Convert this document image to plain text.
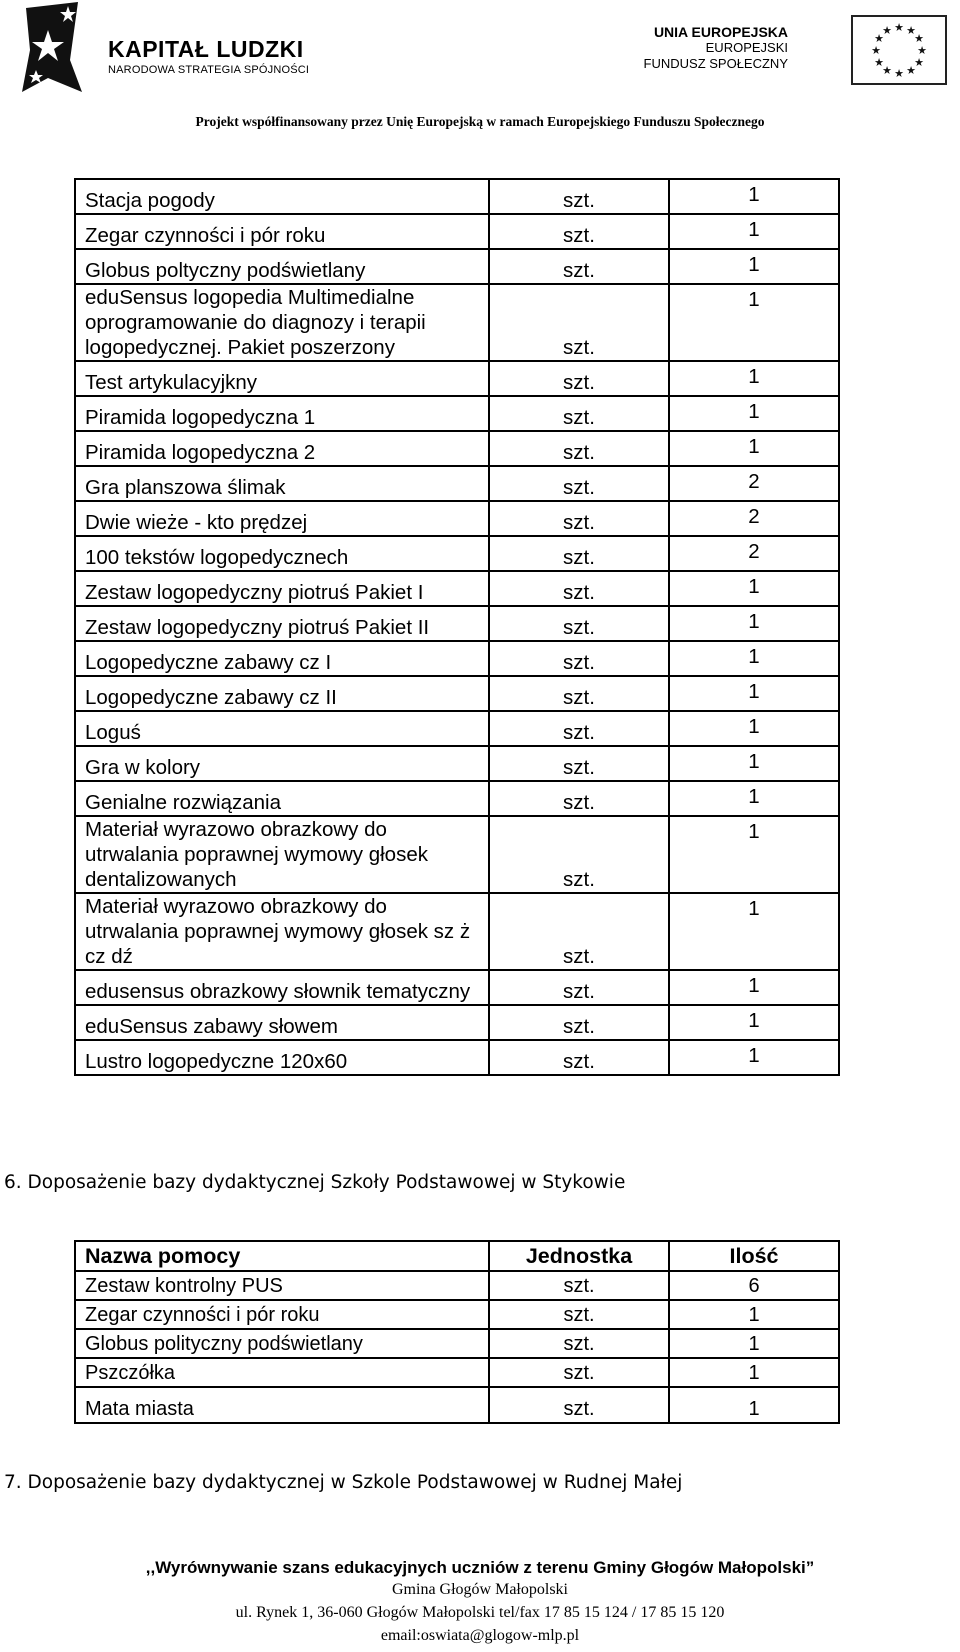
KAPITAŁ LUDZKI
NARODOWA STRATEGIA SPÓJNOŚCI
UNIA EUROPEJSKA
EUROPEJSKI
FUNDUSZ SPOŁECZNY
★ ★
★
★
★
★
★
★
★
★
★
★
Projekt współfinansowany przez Unię Europejską w ramach Europejskiego Funduszu Społecznego
Stacja pogody	szt.	1
Zegar czynności i pór roku	szt.	1
Globus poltyczny podświetlany	szt.	1
eduSensus logopedia Multimedialne oprogramowanie do diagnozy i terapii logopedycznej. Pakiet poszerzony	szt.	1
Test artykulacyjkny	szt.	1
Piramida logopedyczna 1	szt.	1
Piramida logopedyczna 2	szt.	1
Gra planszowa ślimak	szt.	2
Dwie wieże - kto prędzej	szt.	2
100 tekstów logopedycznech	szt.	2
Zestaw logopedyczny piotruś Pakiet I	szt.	1
Zestaw logopedyczny piotruś Pakiet II	szt.	1
Logopedyczne zabawy cz I	szt.	1
Logopedyczne zabawy cz II	szt.	1
Loguś	szt.	1
Gra w kolory	szt.	1
Genialne rozwiązania	szt.	1
Materiał wyrazowo obrazkowy do utrwalania poprawnej wymowy głosek dentalizowanych	szt.	1
Materiał wyrazowo obrazkowy do utrwalania poprawnej wymowy głosek sz ż cz dź	szt.	1
edusensus obrazkowy słownik tematyczny	szt.	1
eduSensus zabawy słowem	szt.	1
Lustro logopedyczne 120x60	szt.	1
6. Doposażenie bazy dydaktycznej Szkoły Podstawowej w Stykowie
Nazwa pomocy	Jednostka	Ilość
Zestaw kontrolny PUS	szt.	6
Zegar czynności i pór roku	szt.	1
Globus polityczny podświetlany	szt.	1
Pszczółka	szt.	1
Mata miasta	szt.	1
7. Doposażenie bazy dydaktycznej w Szkole Podstawowej w Rudnej Małej
,,Wyrównywanie szans edukacyjnych uczniów z terenu Gminy Głogów Małopolski”
Gmina Głogów Małopolski
ul. Rynek 1, 36-060 Głogów Małopolski tel/fax 17 85 15 124 / 17 85 15 120
email:oswiata@glogow-mlp.pl
